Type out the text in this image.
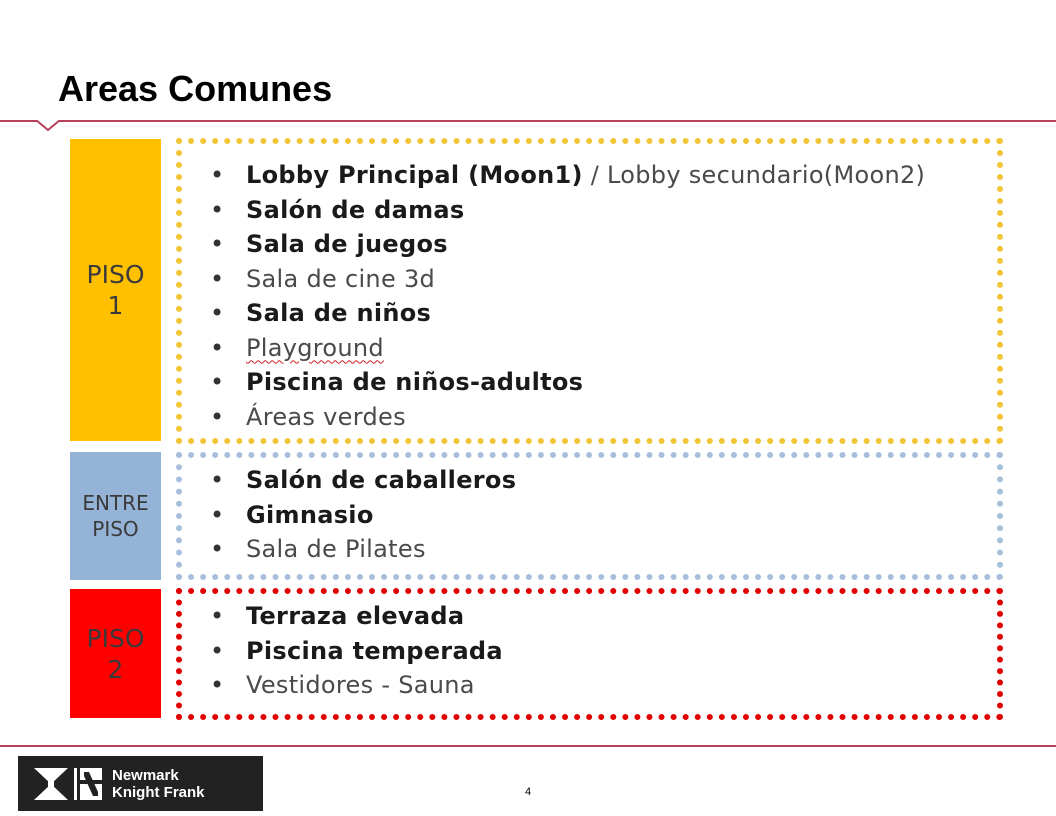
Areas Comunes
PISO
1
ENTRE
PISO
PISO
2
• Lobby Principal (Moon1) / Lobby secundario(Moon2)
• Salón de damas
• Sala de juegos
• Sala de cine 3d
• Sala de niños
• Playground
• Piscina de niños-adultos
• Áreas verdes
• Salón de caballeros
• Gimnasio
• Sala de Pilates
• Terraza elevada
• Piscina temperada
• Vestidores - Sauna
Newmark
Knight Frank	4
